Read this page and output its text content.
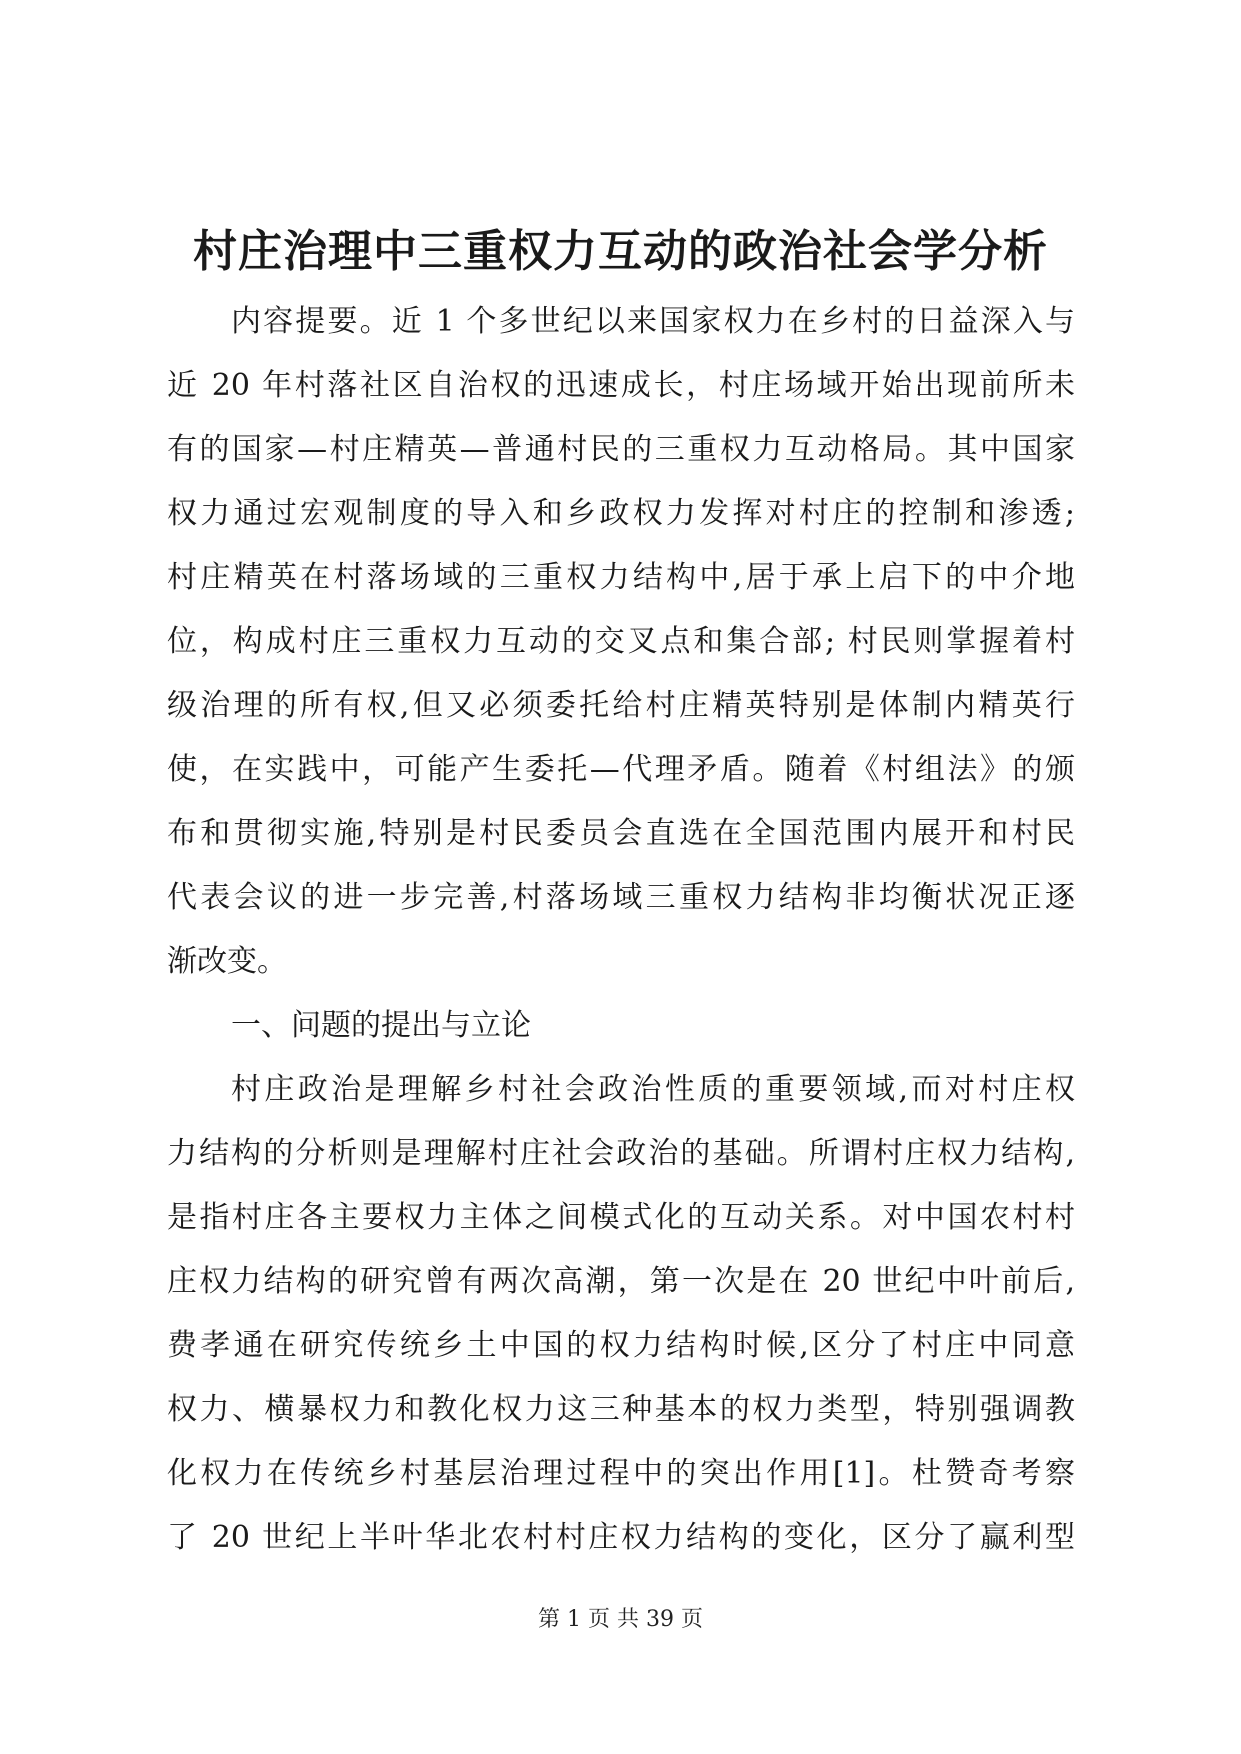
村庄治理中三重权力互动的政治社会学分析
内容提要。近 1 个多世纪以来国家权力在乡村的日益深入与
近 20 年村落社区自治权的迅速成长，村庄场域开始出现前所未
有的国家—村庄精英—普通村民的三重权力互动格局。其中国家
权力通过宏观制度的导入和乡政权力发挥对村庄的控制和渗透;
村庄精英在村落场域的三重权力结构中,居于承上启下的中介地
位，构成村庄三重权力互动的交叉点和集合部; 村民则掌握着村
级治理的所有权,但又必须委托给村庄精英特别是体制内精英行
使，在实践中，可能产生委托—代理矛盾。随着《村组法》的颁
布和贯彻实施,特别是村民委员会直选在全国范围内展开和村民
代表会议的进一步完善,村落场域三重权力结构非均衡状况正逐
渐改变。
一、问题的提出与立论
村庄政治是理解乡村社会政治性质的重要领域,而对村庄权
力结构的分析则是理解村庄社会政治的基础。所谓村庄权力结构,
是指村庄各主要权力主体之间模式化的互动关系。对中国农村村
庄权力结构的研究曾有两次高潮，第一次是在 20 世纪中叶前后,
费孝通在研究传统乡土中国的权力结构时候,区分了村庄中同意
权力、横暴权力和教化权力这三种基本的权力类型，特别强调教
化权力在传统乡村基层治理过程中的突出作用[1]。杜赞奇考察
了 20 世纪上半叶华北农村村庄权力结构的变化，区分了赢利型
第 1 页 共 39 页
